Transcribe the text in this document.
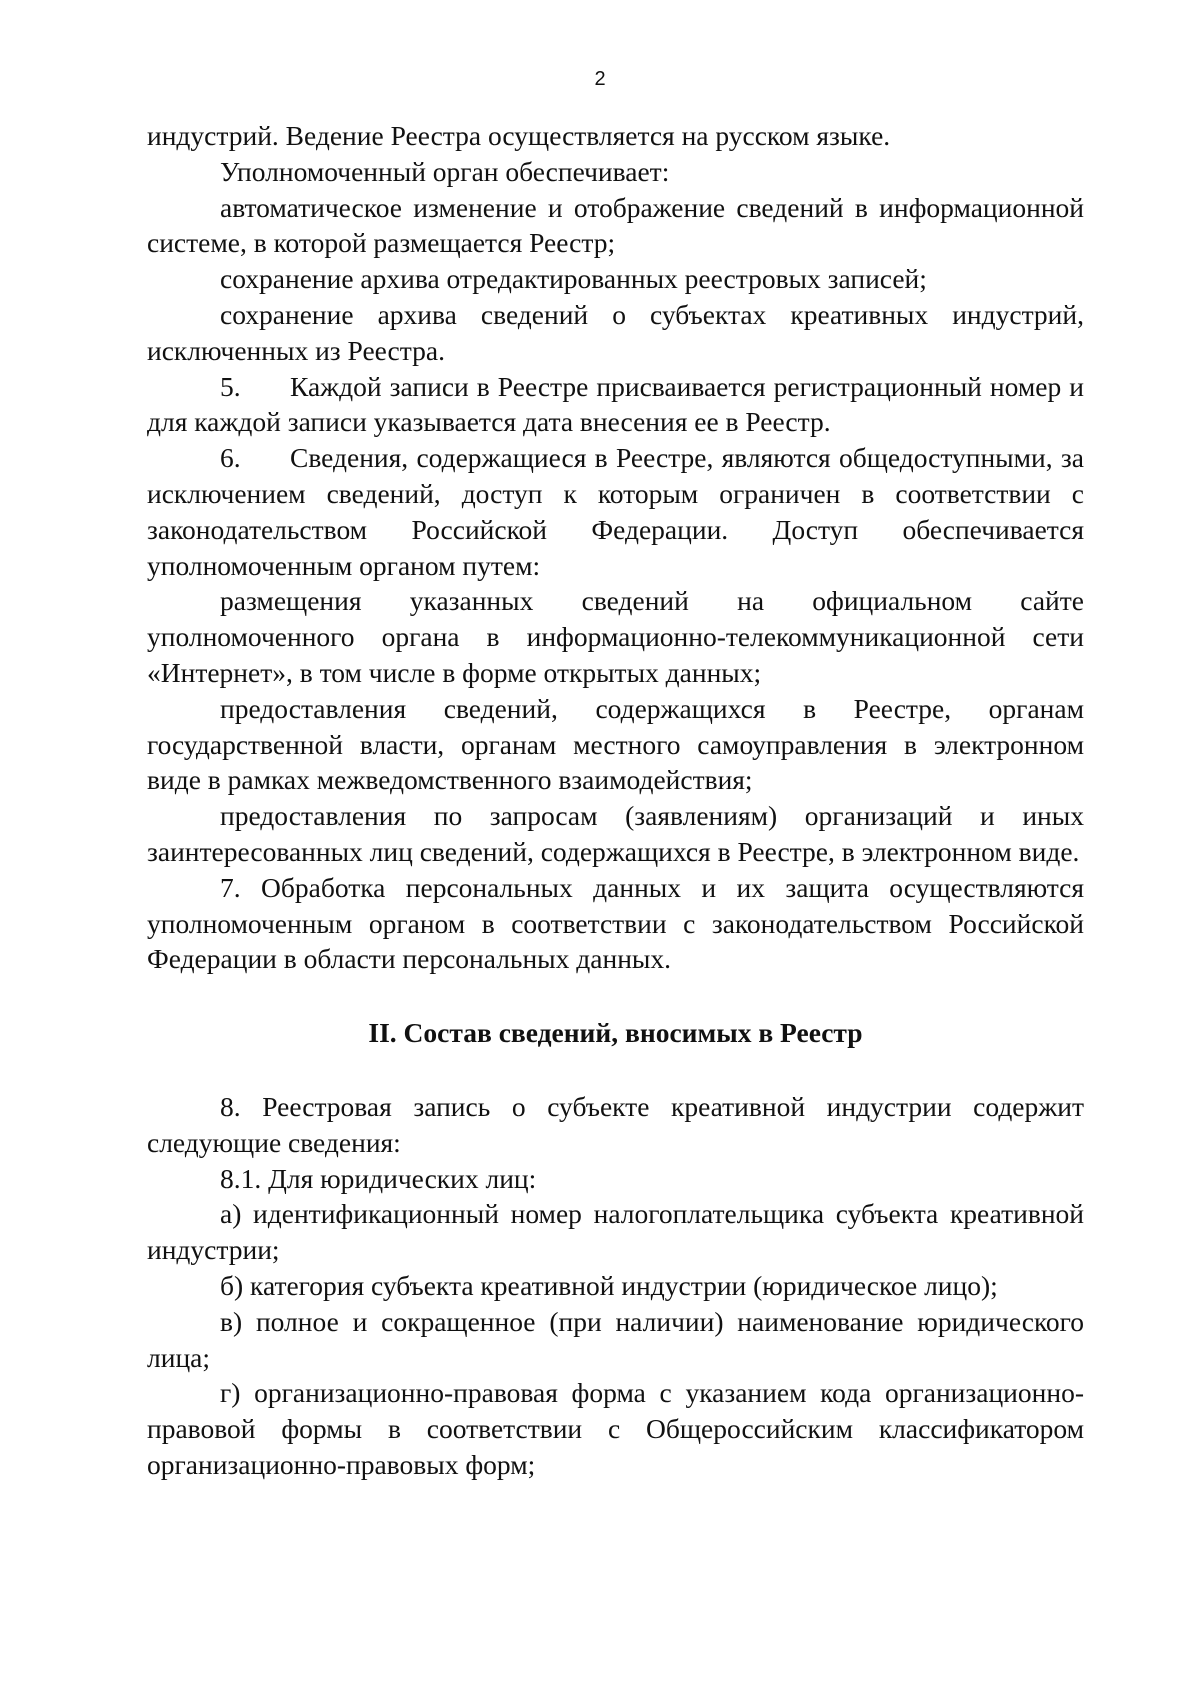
2

индустрий. Ведение Реестра осуществляется на русском языке.

Уполномоченный орган обеспечивает:

автоматическое изменение и отображение сведений в информационной системе, в которой размещается Реестр;

сохранение архива отредактированных реестровых записей;

сохранение архива сведений о субъектах креативных индустрий, исключенных из Реестра.

5. Каждой записи в Реестре присваивается регистрационный номер и для каждой записи указывается дата внесения ее в Реестр.

6. Сведения, содержащиеся в Реестре, являются общедоступными, за исключением сведений, доступ к которым ограничен в соответствии с законодательством Российской Федерации. Доступ обеспечивается уполномоченным органом путем:

размещения указанных сведений на официальном сайте уполномоченного органа в информационно-телекоммуникационной сети «Интернет», в том числе в форме открытых данных;

предоставления сведений, содержащихся в Реестре, органам государственной власти, органам местного самоуправления в электронном виде в рамках межведомственного взаимодействия;

предоставления по запросам (заявлениям) организаций и иных заинтересованных лиц сведений, содержащихся в Реестре, в электронном виде.

7. Обработка персональных данных и их защита осуществляются уполномоченным органом в соответствии с законодательством Российской Федерации в области персональных данных.

II. Состав сведений, вносимых в Реестр

8. Реестровая запись о субъекте креативной индустрии содержит следующие сведения:

8.1. Для юридических лиц:

а) идентификационный номер налогоплательщика субъекта креативной индустрии;

б) категория субъекта креативной индустрии (юридическое лицо);

в) полное и сокращенное (при наличии) наименование юридического лица;

г) организационно-правовая форма с указанием кода организационно-правовой формы в соответствии с Общероссийским классификатором организационно-правовых форм;
